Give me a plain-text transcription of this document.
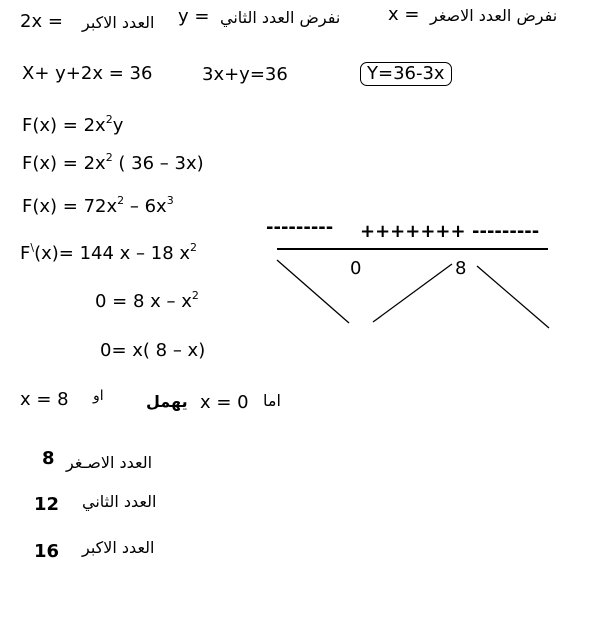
2x = العدد الاكبر y = نفرض العدد الثاني	x = نفرض العدد الاصغر
X+ y+2x = 36	3x+y=36	Y=36-3x
$F(x) = 2x^2y$
$F(x) = 2x^2$ ( 36 – 3x)
$F(x) = 72x^2 - 6x^3$
F\(x)= 144 x – 18 $x^2$
0 = 8 x – $x^2$
0= x( 8 – x)
--------- +++++++ ---------
0	8
x = 8 او	يهمل x = 0 اما
8 العدد الاصـغر
12 العدد الثاني
16 العدد الاكبر
